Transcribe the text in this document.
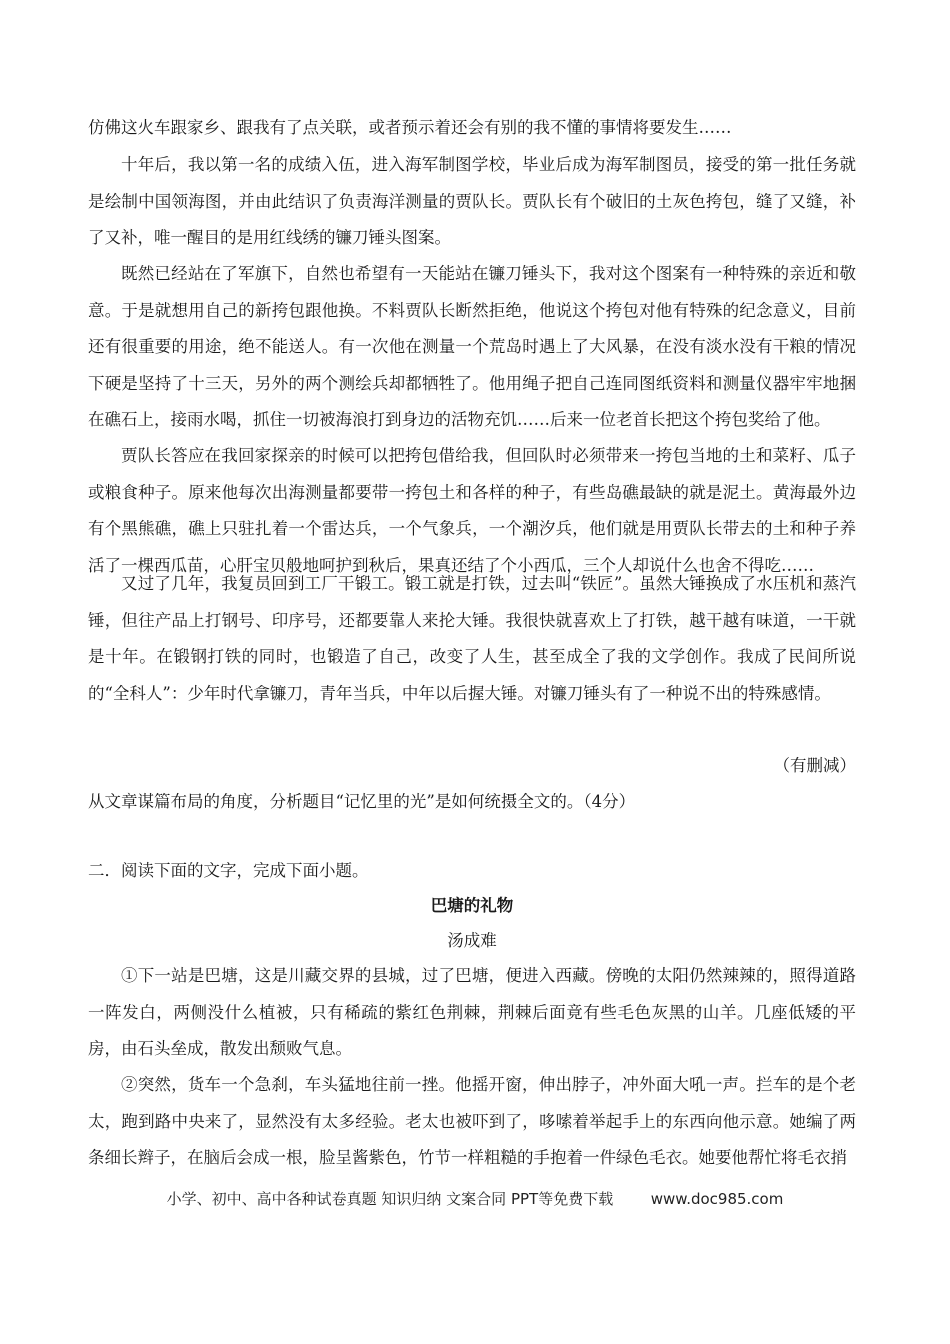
仿佛这火车跟家乡、跟我有了点关联，或者预示着还会有别的我不懂的事情将要发生……

十年后，我以第一名的成绩入伍，进入海军制图学校，毕业后成为海军制图员，接受的第一批任务就是绘制中国领海图，并由此结识了负责海洋测量的贾队长。贾队长有个破旧的土灰色挎包，缝了又缝，补了又补，唯一醒目的是用红线绣的镰刀锤头图案。

既然已经站在了军旗下，自然也希望有一天能站在镰刀锤头下，我对这个图案有一种特殊的亲近和敬意。于是就想用自己的新挎包跟他换。不料贾队长断然拒绝，他说这个挎包对他有特殊的纪念意义，目前还有很重要的用途，绝不能送人。有一次他在测量一个荒岛时遇上了大风暴，在没有淡水没有干粮的情况下硬是坚持了十三天，另外的两个测绘兵却都牺牲了。他用绳子把自己连同图纸资料和测量仪器牢牢地捆在礁石上，接雨水喝，抓住一切被海浪打到身边的活物充饥……后来一位老首长把这个挎包奖给了他。

贾队长答应在我回家探亲的时候可以把挎包借给我，但回队时必须带来一挎包当地的土和菜籽、瓜子或粮食种子。原来他每次出海测量都要带一挎包土和各样的种子，有些岛礁最缺的就是泥土。黄海最外边有个黑熊礁，礁上只驻扎着一个雷达兵，一个气象兵，一个潮汐兵，他们就是用贾队长带去的土和种子养活了一棵西瓜苗，心肝宝贝般地呵护到秋后，果真还结了个小西瓜，三个人却说什么也舍不得吃……

又过了几年，我复员回到工厂干锻工。锻工就是打铁，过去叫“铁匠”。虽然大锤换成了水压机和蒸汽锤，但往产品上打钢号、印序号，还都要靠人来抡大锤。我很快就喜欢上了打铁，越干越有味道，一干就是十年。在锻钢打铁的同时，也锻造了自己，改变了人生，甚至成全了我的文学创作。我成了民间所说的“全科人”：少年时代拿镰刀，青年当兵，中年以后握大锤。对镰刀锤头有了一种说不出的特殊感情。

（有删减）

从文章谋篇布局的角度，分析题目“记忆里的光”是如何统摄全文的。（4分）

二．阅读下面的文字，完成下面小题。

巴塘的礼物

汤成难

①下一站是巴塘，这是川藏交界的县城，过了巴塘，便进入西藏。傍晚的太阳仍然辣辣的，照得道路一阵发白，两侧没什么植被，只有稀疏的紫红色荆棘，荆棘后面竟有些毛色灰黑的山羊。几座低矮的平房，由石头垒成，散发出颓败气息。

②突然，货车一个急刹，车头猛地往前一挫。他摇开窗，伸出脖子，冲外面大吼一声。拦车的是个老太，跑到路中央来了，显然没有太多经验。老太也被吓到了，哆嗦着举起手上的东西向他示意。她编了两条细长辫子，在脑后会成一根，脸呈酱紫色，竹节一样粗糙的手抱着一件绿色毛衣。她要他帮忙将毛衣捎

小学、初中、高中各种试卷真题 知识归纳 文案合同 PPT等免费下载	www.doc985.com
